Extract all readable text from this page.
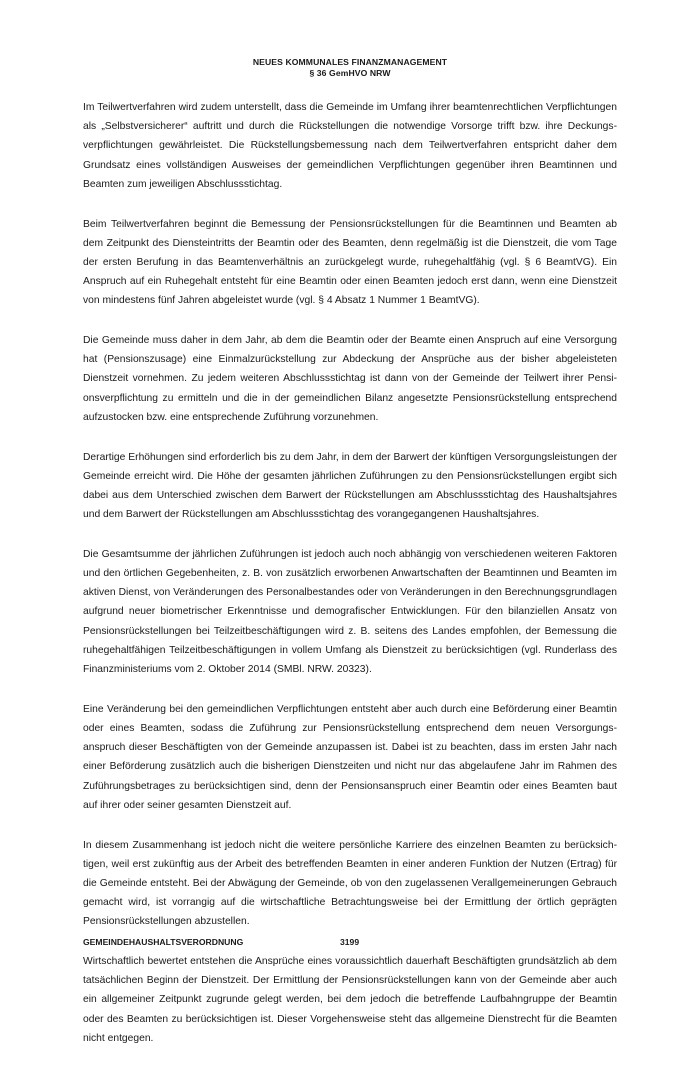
NEUES KOMMUNALES FINANZMANAGEMENT
§ 36 GemHVO NRW

Im Teilwertverfahren wird zudem unterstellt, dass die Gemeinde im Umfang ihrer beamtenrechtlichen Verpflichtungen als „Selbstversicherer“ auftritt und durch die Rückstellungen die notwendige Vorsorge trifft bzw. ihre Deckungsverpflichtungen gewährleistet. Die Rückstellungsbemessung nach dem Teilwertverfahren entspricht daher dem Grundsatz eines vollständigen Ausweises der gemeindlichen Verpflichtungen gegenüber ihren Beamtinnen und Beamten zum jeweiligen Abschlussstichtag.

Beim Teilwertverfahren beginnt die Bemessung der Pensionsrückstellungen für die Beamtinnen und Beamten ab dem Zeitpunkt des Diensteintritts der Beamtin oder des Beamten, denn regelmäßig ist die Dienstzeit, die vom Tage der ersten Berufung in das Beamtenverhältnis an zurückgelegt wurde, ruhegehaltfähig (vgl. § 6 BeamtVG). Ein Anspruch auf ein Ruhegehalt entsteht für eine Beamtin oder einen Beamten jedoch erst dann, wenn eine Dienstzeit von mindestens fünf Jahren abgeleistet wurde (vgl. § 4 Absatz 1 Nummer 1 BeamtVG).

Die Gemeinde muss daher in dem Jahr, ab dem die Beamtin oder der Beamte einen Anspruch auf eine Versorgung hat (Pensionszusage) eine Einmalzurückstellung zur Abdeckung der Ansprüche aus der bisher abgeleisteten Dienstzeit vornehmen. Zu jedem weiteren Abschlussstichtag ist dann von der Gemeinde der Teilwert ihrer Pensionsverpflichtung zu ermitteln und die in der gemeindlichen Bilanz angesetzte Pensionsrückstellung entsprechend aufzustocken bzw. eine entsprechende Zuführung vorzunehmen.

Derartige Erhöhungen sind erforderlich bis zu dem Jahr, in dem der Barwert der künftigen Versorgungsleistungen der Gemeinde erreicht wird. Die Höhe der gesamten jährlichen Zuführungen zu den Pensionsrückstellungen ergibt sich dabei aus dem Unterschied zwischen dem Barwert der Rückstellungen am Abschlussstichtag des Haushaltsjahres und dem Barwert der Rückstellungen am Abschlussstichtag des vorangegangenen Haushaltsjahres.

Die Gesamtsumme der jährlichen Zuführungen ist jedoch auch noch abhängig von verschiedenen weiteren Faktoren und den örtlichen Gegebenheiten, z. B. von zusätzlich erworbenen Anwartschaften der Beamtinnen und Beamten im aktiven Dienst, von Veränderungen des Personalbestandes oder von Veränderungen in den Berechnungsgrundlagen aufgrund neuer biometrischer Erkenntnisse und demografischer Entwicklungen. Für den bilanziellen Ansatz von Pensionsrückstellungen bei Teilzeitbeschäftigungen wird z. B. seitens des Landes empfohlen, der Bemessung die ruhegehaltfähigen Teilzeitbeschäftigungen in vollem Umfang als Dienstzeit zu berücksichtigen (vgl. Runderlass des Finanzministeriums vom 2. Oktober 2014 (SMBl. NRW. 20323).

Eine Veränderung bei den gemeindlichen Verpflichtungen entsteht aber auch durch eine Beförderung einer Beamtin oder eines Beamten, sodass die Zuführung zur Pensionsrückstellung entsprechend dem neuen Versorgungsanspruch dieser Beschäftigten von der Gemeinde anzupassen ist. Dabei ist zu beachten, dass im ersten Jahr nach einer Beförderung zusätzlich auch die bisherigen Dienstzeiten und nicht nur das abgelaufene Jahr im Rahmen des Zuführungsbetrages zu berücksichtigen sind, denn der Pensionsanspruch einer Beamtin oder eines Beamten baut auf ihrer oder seiner gesamten Dienstzeit auf.

In diesem Zusammenhang ist jedoch nicht die weitere persönliche Karriere des einzelnen Beamten zu berücksichtigen, weil erst zukünftig aus der Arbeit des betreffenden Beamten in einer anderen Funktion der Nutzen (Ertrag) für die Gemeinde entsteht. Bei der Abwägung der Gemeinde, ob von den zugelassenen Verallgemeinerungen Gebrauch gemacht wird, ist vorrangig auf die wirtschaftliche Betrachtungsweise bei der Ermittlung der örtlich geprägten Pensionsrückstellungen abzustellen.

Wirtschaftlich bewertet entstehen die Ansprüche eines voraussichtlich dauerhaft Beschäftigten grundsätzlich ab dem tatsächlichen Beginn der Dienstzeit. Der Ermittlung der Pensionsrückstellungen kann von der Gemeinde aber auch ein allgemeiner Zeitpunkt zugrunde gelegt werden, bei dem jedoch die betreffende Laufbahngruppe der Beamtin oder des Beamten zu berücksichtigen ist. Dieser Vorgehensweise steht das allgemeine Dienstrecht für die Beamten nicht entgegen.

GEMEINDEHAUSHALTSVERORDNUNG	3199
